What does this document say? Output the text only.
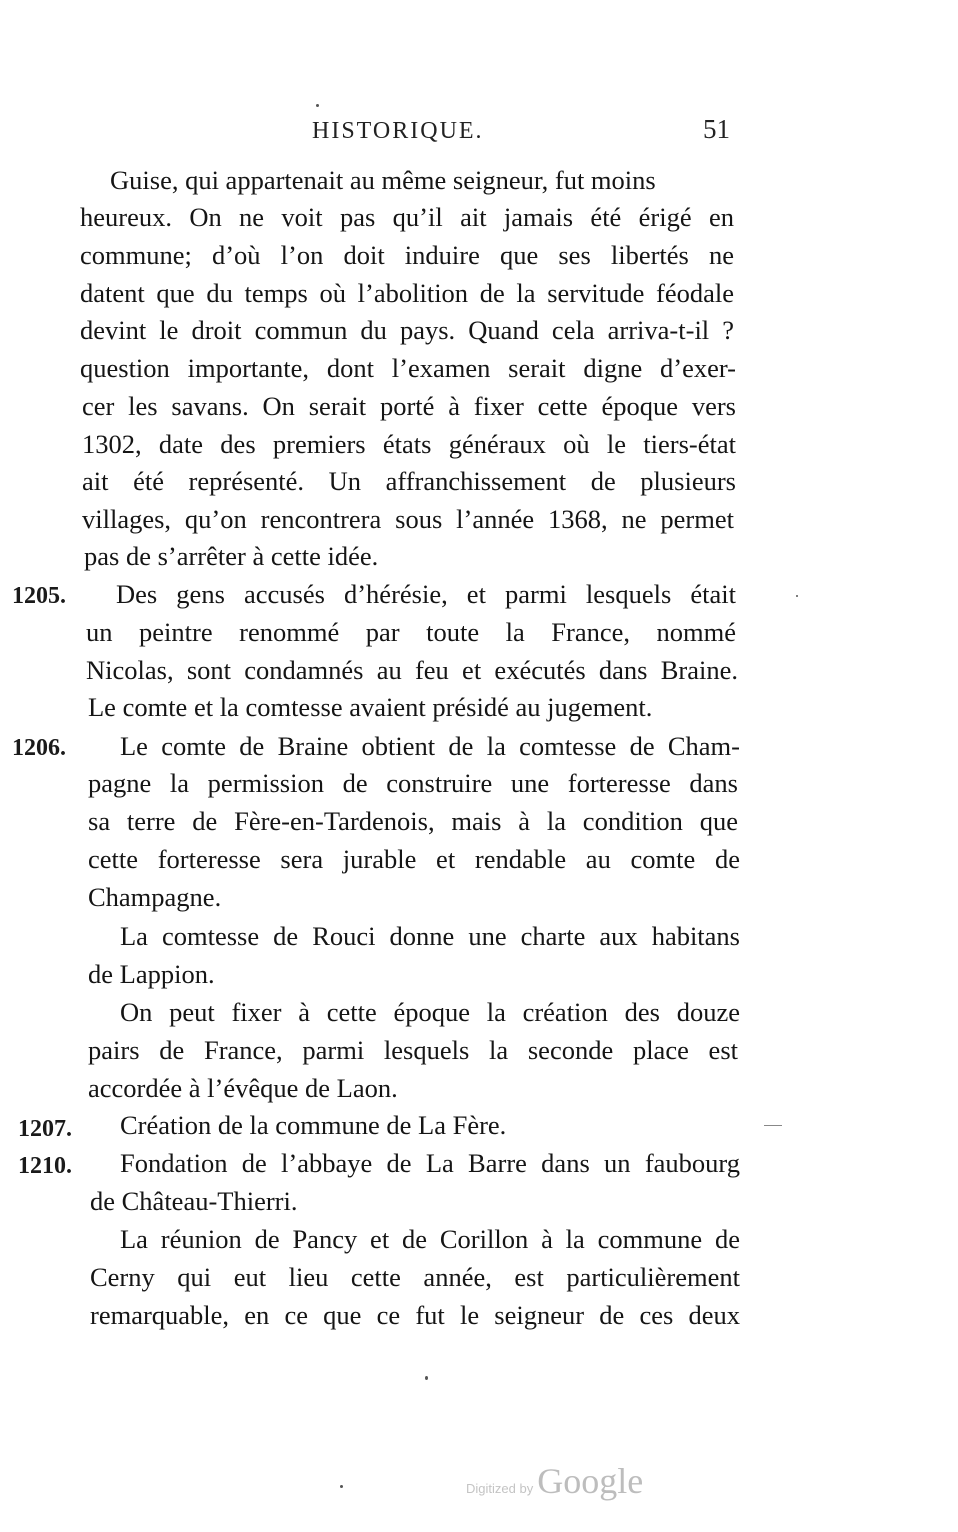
HISTORIQUE.	51
Guise, qui appartenait au même seigneur, fut moins
heureux. On ne voit pas qu’il ait jamais été érigé en
commune; d’où l’on doit induire que ses libertés ne
datent que du temps où l’abolition de la servitude féodale
devint le droit commun du pays. Quand cela arriva-t-il ?
question importante, dont l’examen serait digne d’exer-
cer les savans. On serait porté à fixer cette époque vers
1302, date des premiers états généraux où le tiers-état
ait été représenté. Un affranchissement de plusieurs
villages, qu’on rencontrera sous l’année 1368, ne permet
pas de s’arrêter à cette idée.
1205. Des gens accusés d’hérésie, et parmi lesquels était
un peintre renommé par toute la France, nommé
Nicolas, sont condamnés au feu et exécutés dans Braine.
Le comte et la comtesse avaient présidé au jugement.
1206. Le comte de Braine obtient de la comtesse de Cham-
pagne la permission de construire une forteresse dans
sa terre de Fère-en-Tardenois, mais à la condition que
cette forteresse sera jurable et rendable au comte de
Champagne.
La comtesse de Rouci donne une charte aux habitans
de Lappion.
On peut fixer à cette époque la création des douze
pairs de France, parmi lesquels la seconde place est
accordée à l’évêque de Laon.
1207. Création de la commune de La Fère.
1210. Fondation de l’abbaye de La Barre dans un faubourg
de Château-Thierri.
La réunion de Pancy et de Corillon à la commune de
Cerny qui eut lieu cette année, est particulièrement
remarquable, en ce que ce fut le seigneur de ces deux
Digitized by Google
